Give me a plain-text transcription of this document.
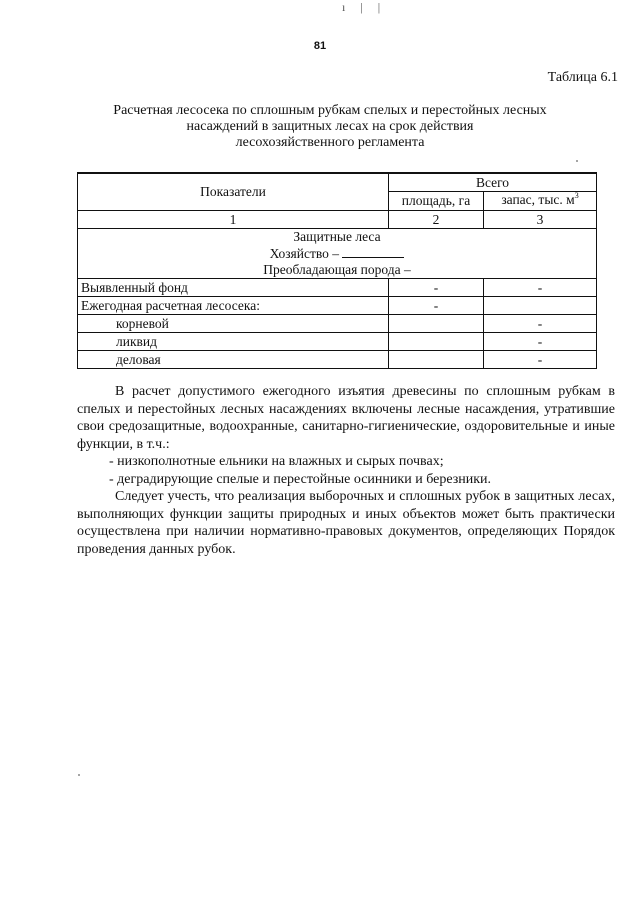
ı | |
81
Таблица 6.1
Расчетная лесосека по сплошным рубкам спелых и перестойных лесных
насаждений в защитных лесах на срок действия
лесохозяйственного регламента
Показатели	Всего	
	площадь, га	запас, тыс. $м^3$
1	2	3

Защитные леса
Хозяйство –
Преобладающая порода –		

Выявленный фонд	-	-
Ежегодная расчетная лесосека:	-	
корневой		-
ликвид		-
деловая		-

В расчет допустимого ежегодного изъятия древесины по сплошным рубкам в спелых и перестойных лесных насаждениях включены лесные насаждения, утратившие свои средозащитные, водоохранные, санитарно-гигиенические, оздоровительные и иные функции, в т.ч.:

- низкополнотные ельники на влажных и сырых почвах;

- деградирующие спелые и перестойные осинники и березники.

Следует учесть, что реализация выборочных и сплошных рубок в защитных лесах, выполняющих функции защиты природных и иных объектов может быть практически осуществлена при наличии нормативно-правовых документов, определяющих Порядок проведения данных рубок.
